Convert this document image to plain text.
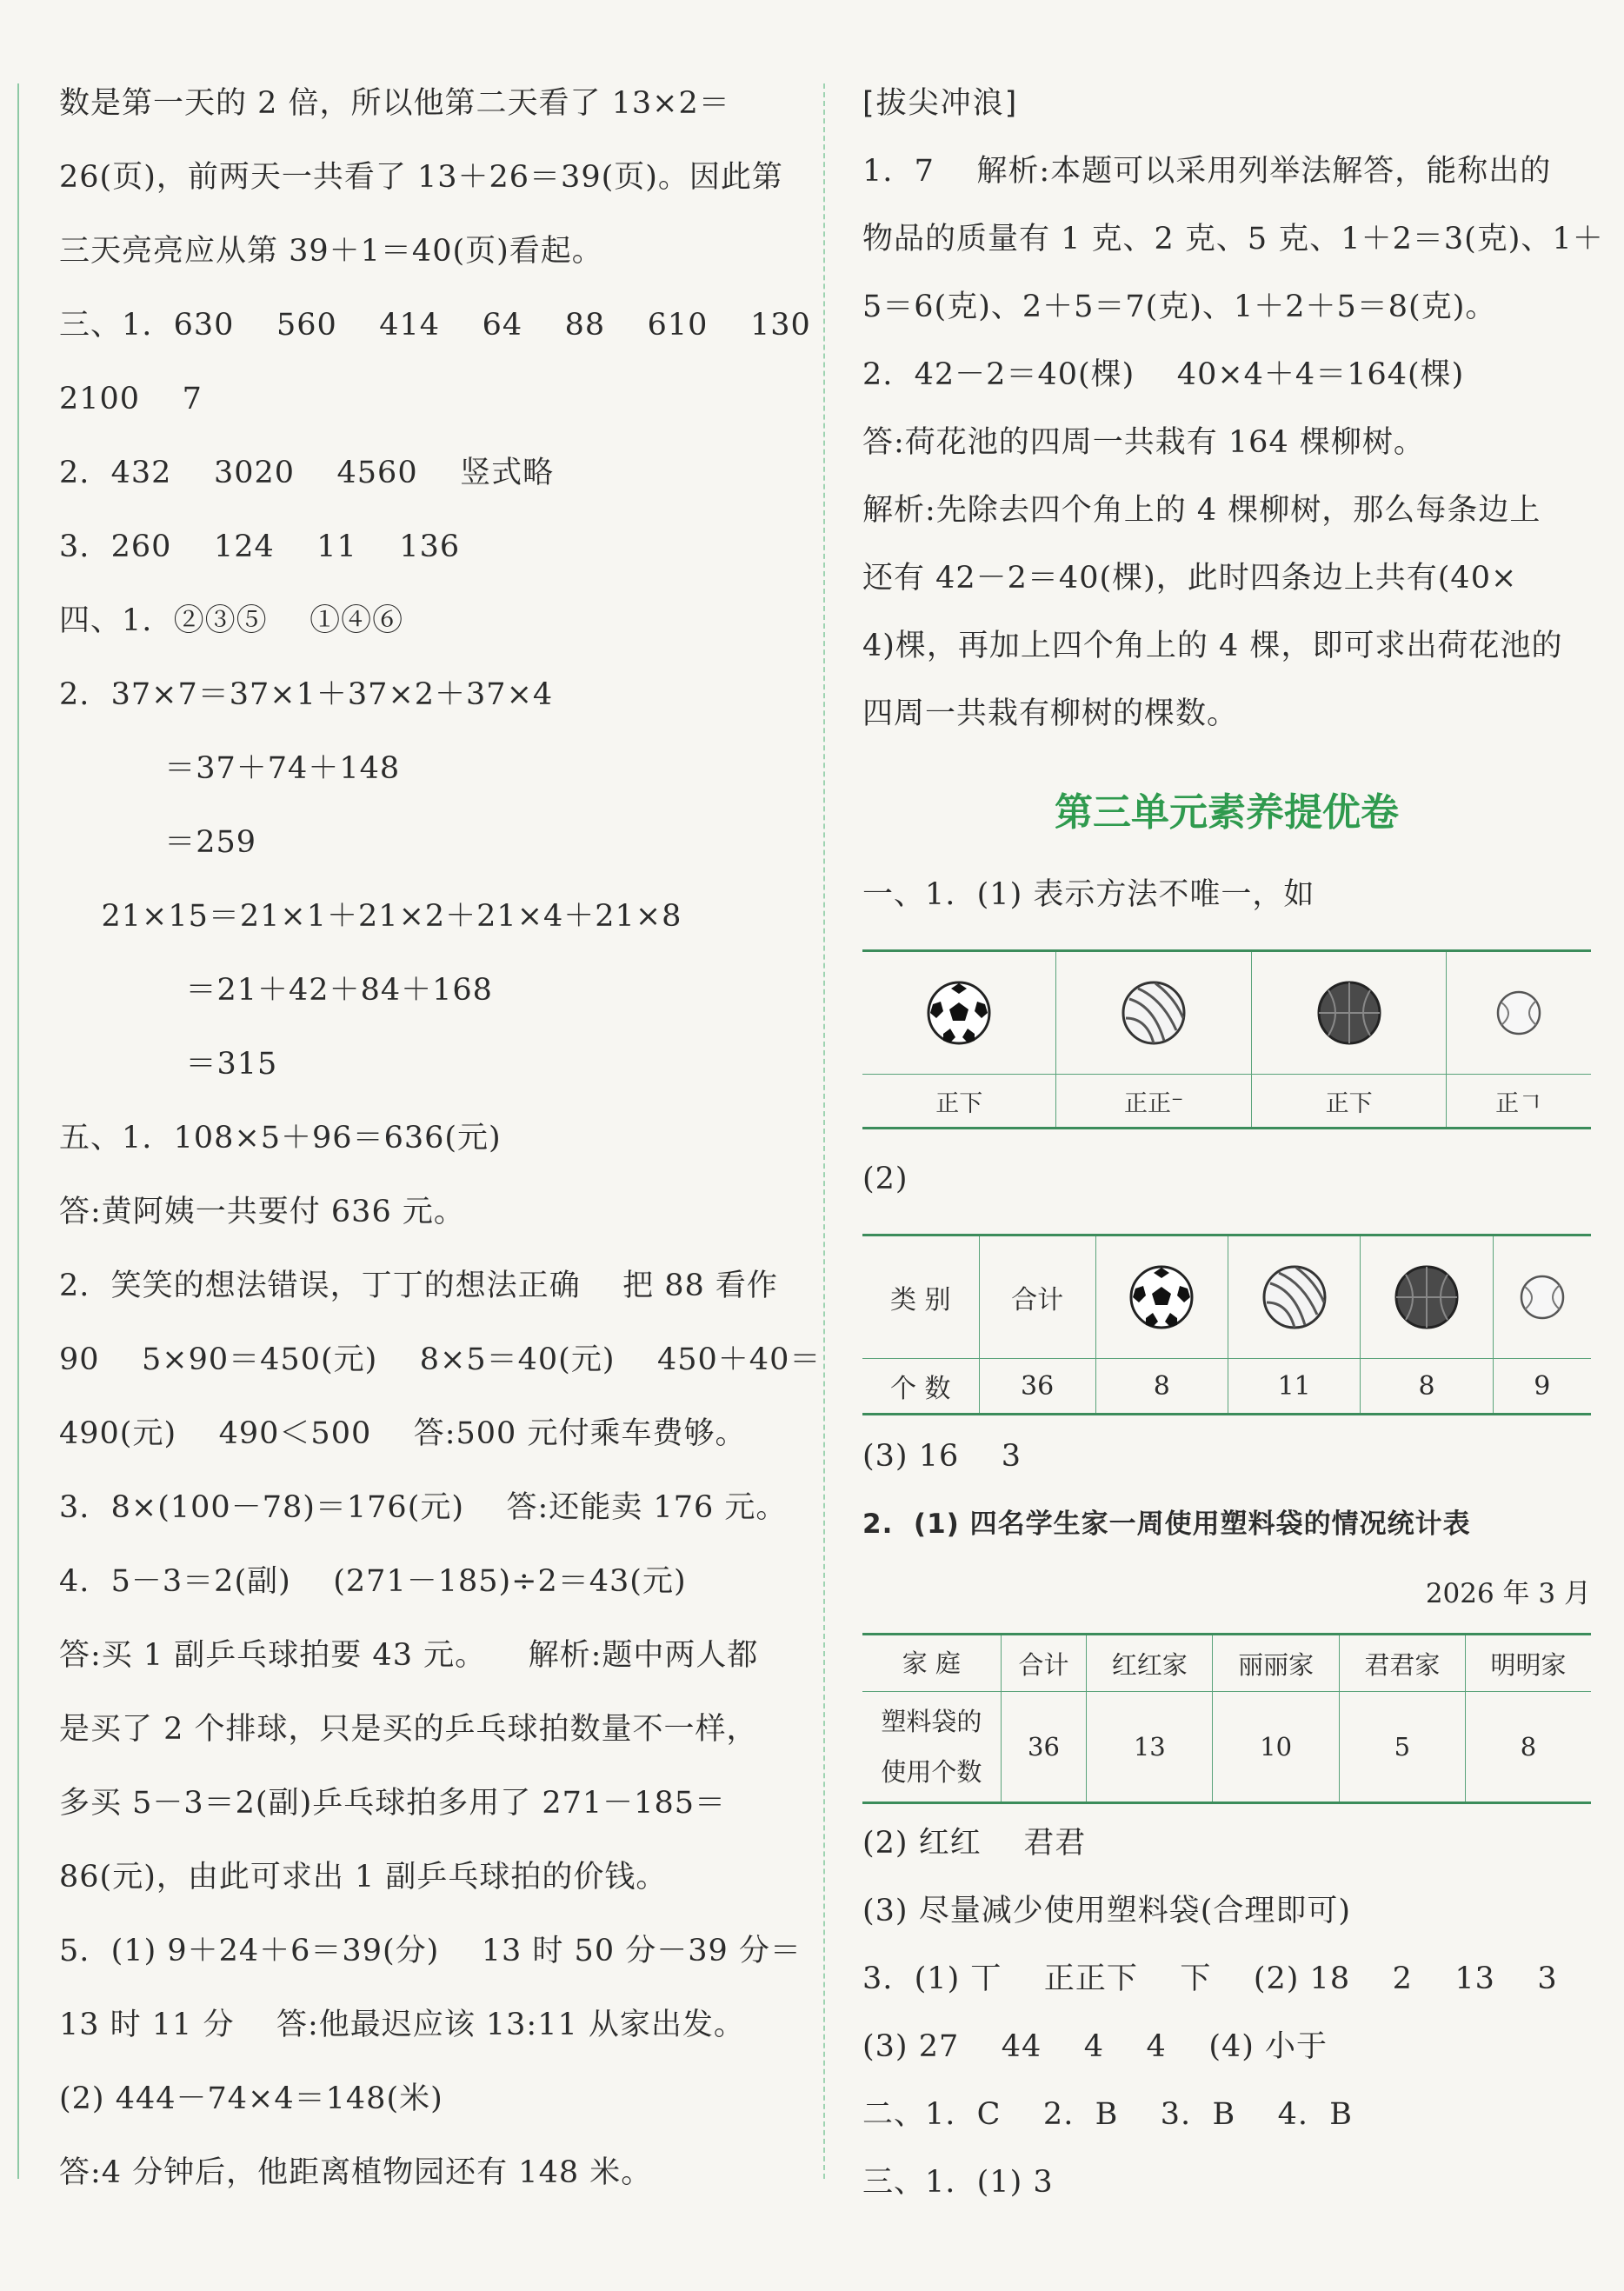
数是第一天的 2 倍，所以他第二天看了 13×2＝
26(页)，前两天一共看了 13＋26＝39(页)。因此第
三天亮亮应从第 39＋1＝40(页)看起。
三、1.  630    560    414    64    88    610    130
2100    7
2.  432    3020    4560    竖式略
3.  260    124    11    136
四、1.  ②③⑤    ①④⑥
2.  37×7＝37×1＋37×2＋37×4
＝37＋74＋148
＝259
21×15＝21×1＋21×2＋21×4＋21×8
＝21＋42＋84＋168
＝315
五、1.  108×5＋96＝636(元)
答:黄阿姨一共要付 636 元。
2.  笑笑的想法错误，丁丁的想法正确    把 88 看作
90    5×90＝450(元)    8×5＝40(元)    450＋40＝
490(元)    490＜500    答:500 元付乘车费够。
3.  8×(100－78)＝176(元)    答:还能卖 176 元。
4.  5－3＝2(副)    (271－185)÷2＝43(元)
答:买 1 副乒乓球拍要 43 元。    解析:题中两人都
是买了 2 个排球，只是买的乒乓球拍数量不一样，
多买 5－3＝2(副)乒乓球拍多用了 271－185＝
86(元)，由此可求出 1 副乒乓球拍的价钱。
5.  (1) 9＋24＋6＝39(分)    13 时 50 分－39 分＝
13 时 11 分    答:他最迟应该 13:11 从家出发。
(2) 444－74×4＝148(米)
答:4 分钟后，他距离植物园还有 148 米。
[拔尖冲浪]
1.  7    解析:本题可以采用列举法解答，能称出的
物品的质量有 1 克、2 克、5 克、1＋2＝3(克)、1＋
5＝6(克)、2＋5＝7(克)、1＋2＋5＝8(克)。
2.  42－2＝40(棵)    40×4＋4＝164(棵)
答:荷花池的四周一共栽有 164 棵柳树。
解析:先除去四个角上的 4 棵柳树，那么每条边上
还有 42－2＝40(棵)，此时四条边上共有(40×
4)棵，再加上四个角上的 4 棵，即可求出荷花池的
四周一共栽有柳树的棵数。
第三单元素养提优卷
一、1.  (1) 表示方法不唯一，如

正下	正正⁻	正下	正𠃍
(2)
类 别	合计				
个 数	36	8	11	8	9
(3) 16    3
2.  (1) 四名学生家一周使用塑料袋的情况统计表
2026 年 3 月
家 庭	合计	红红家	丽丽家	君君家	明明家

塑料袋的
使用个数	36	13	10	5	8
(2) 红红    君君
(3) 尽量减少使用塑料袋(合理即可)
3.  (1) 丅    正正下    下    (2) 18    2    13    3
(3) 27    44    4    4    (4) 小于
二、1.  C    2.  B    3.  B    4.  B
三、1.  (1) 3
